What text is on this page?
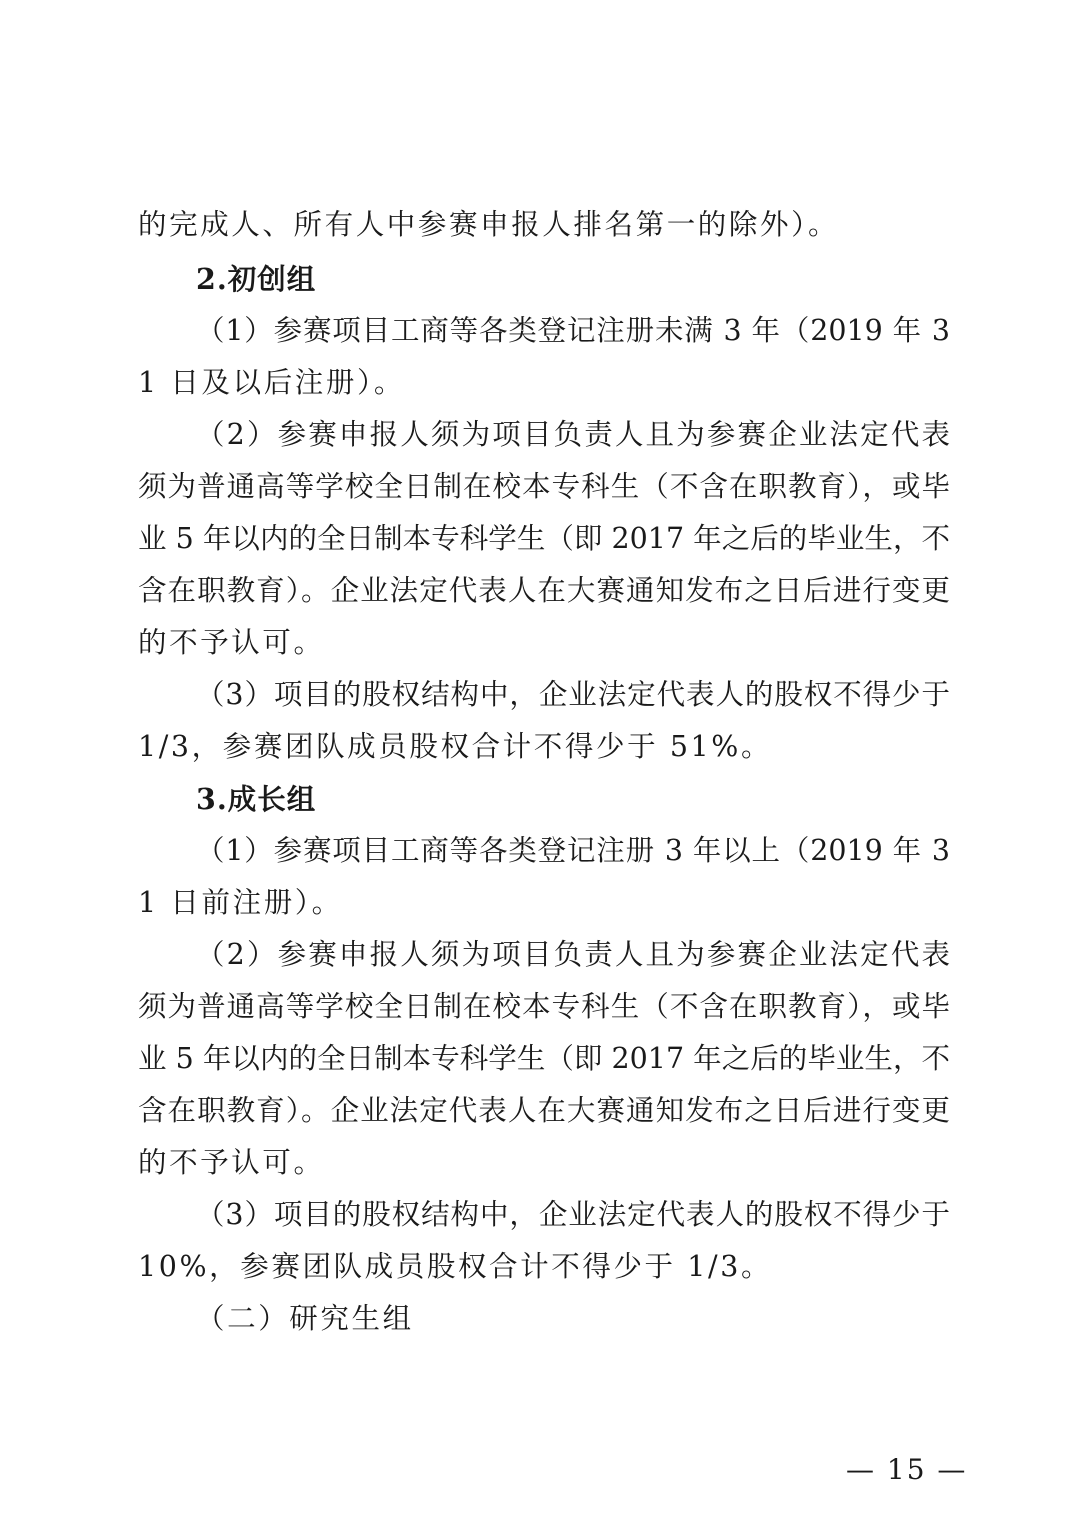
的完成人、所有人中参赛申报人排名第一的除外）。
2.初创组
（1）参赛项目工商等各类登记注册未满 3 年（2019 年 3
1 日及以后注册）。
（2）参赛申报人须为项目负责人且为参赛企业法定代表
须为普通高等学校全日制在校本专科生（不含在职教育），或毕
业 5 年以内的全日制本专科学生（即 2017 年之后的毕业生，不
含在职教育）。企业法定代表人在大赛通知发布之日后进行变更
的不予认可。
（3）项目的股权结构中，企业法定代表人的股权不得少于
1/3，参赛团队成员股权合计不得少于 51%。
3.成长组
（1）参赛项目工商等各类登记注册 3 年以上（2019 年 3
1 日前注册）。
（2）参赛申报人须为项目负责人且为参赛企业法定代表
须为普通高等学校全日制在校本专科生（不含在职教育），或毕
业 5 年以内的全日制本专科学生（即 2017 年之后的毕业生，不
含在职教育）。企业法定代表人在大赛通知发布之日后进行变更
的不予认可。
（3）项目的股权结构中，企业法定代表人的股权不得少于
10%，参赛团队成员股权合计不得少于 1/3。
（二）研究生组
— 15 —
